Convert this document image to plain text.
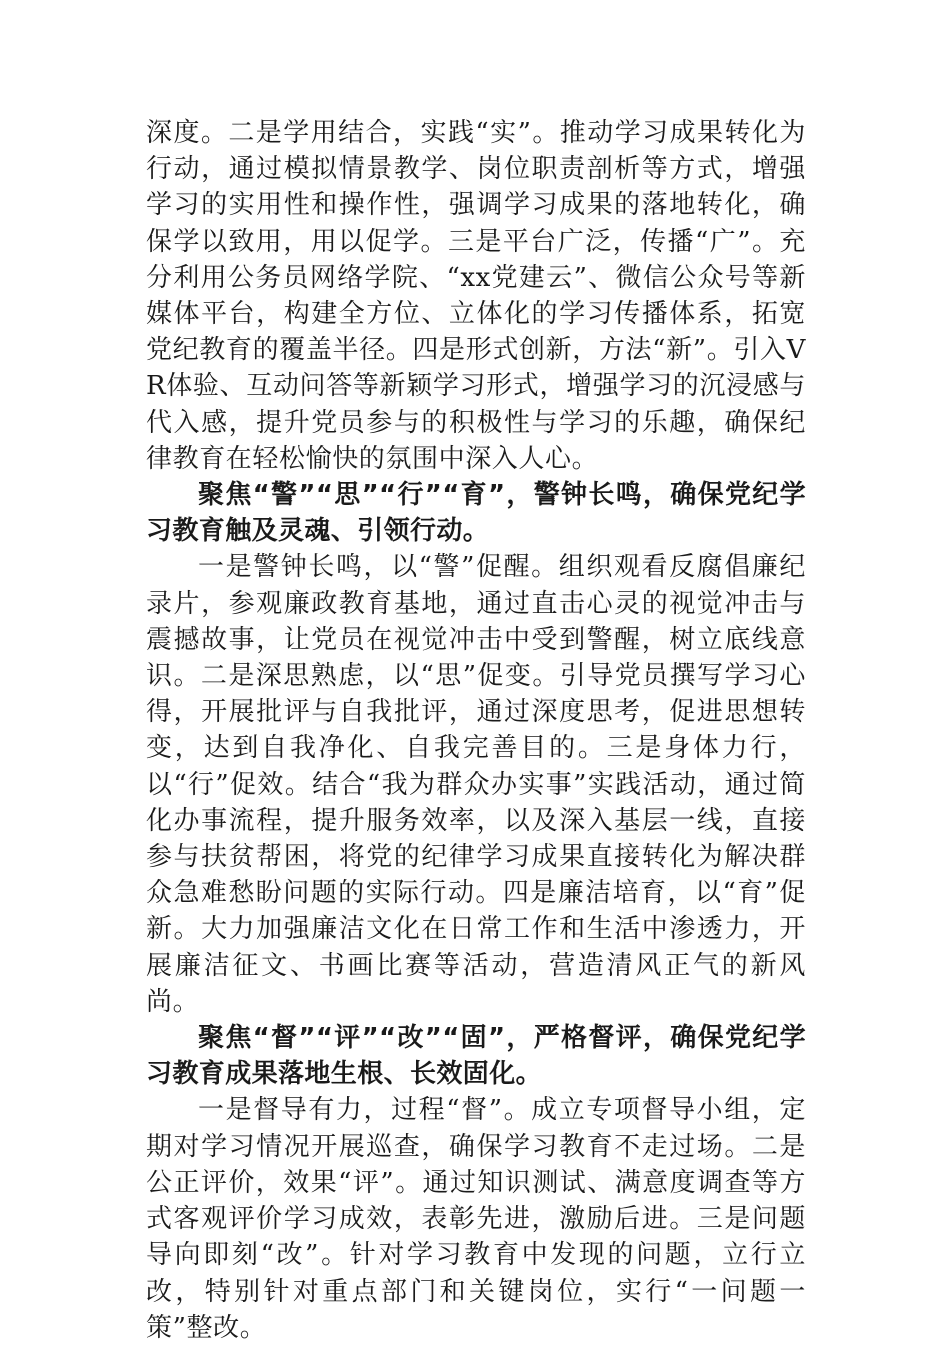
深度。二是学用结合，实践“实”。推动学习成果转化为行动，通过模拟情景教学、岗位职责剖析等方式，增强学习的实用性和操作性，强调学习成果的落地转化，确保学以致用，用以促学。三是平台广泛，传播“广”。充分利用公务员网络学院、“xx党建云”、微信公众号等新媒体平台，构建全方位、立体化的学习传播体系，拓宽党纪教育的覆盖半径。四是形式创新，方法“新”。引入VR体验、互动问答等新颖学习形式，增强学习的沉浸感与代入感，提升党员参与的积极性与学习的乐趣，确保纪律教育在轻松愉快的氛围中深入人心。

聚焦“警”“思”“行”“育”，警钟长鸣，确保党纪学习教育触及灵魂、引领行动。

一是警钟长鸣，以“警”促醒。组织观看反腐倡廉纪录片，参观廉政教育基地，通过直击心灵的视觉冲击与震撼故事，让党员在视觉冲击中受到警醒，树立底线意识。二是深思熟虑，以“思”促变。引导党员撰写学习心得，开展批评与自我批评，通过深度思考，促进思想转变，达到自我净化、自我完善目的。三是身体力行，以“行”促效。结合“我为群众办实事”实践活动，通过简化办事流程，提升服务效率，以及深入基层一线，直接参与扶贫帮困，将党的纪律学习成果直接转化为解决群众急难愁盼问题的实际行动。四是廉洁培育，以“育”促新。大力加强廉洁文化在日常工作和生活中渗透力，开展廉洁征文、书画比赛等活动，营造清风正气的新风尚。

聚焦“督”“评”“改”“固”，严格督评，确保党纪学习教育成果落地生根、长效固化。

一是督导有力，过程“督”。成立专项督导小组，定期对学习情况开展巡查，确保学习教育不走过场。二是公正评价，效果“评”。通过知识测试、满意度调查等方式客观评价学习成效，表彰先进，激励后进。三是问题导向即刻“改”。针对学习教育中发现的问题，立行立改，特别针对重点部门和关键岗位，实行“一问题一策”整改。
